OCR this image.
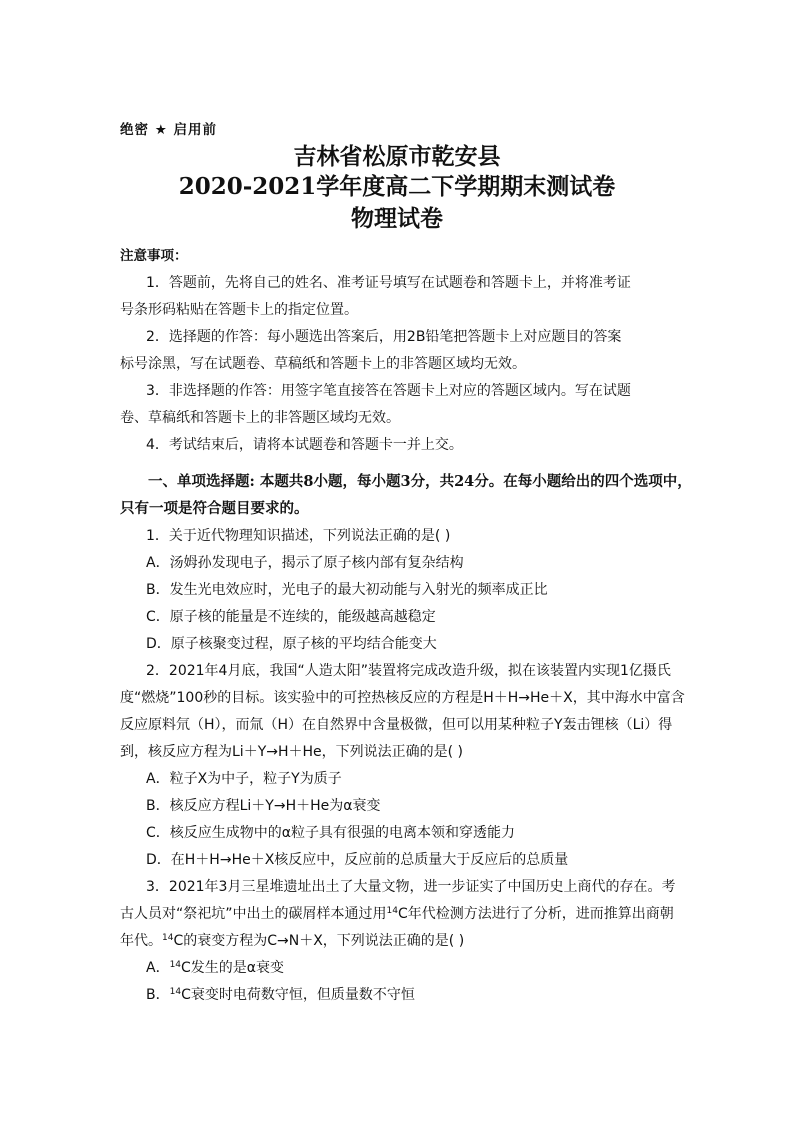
绝密 ★ 启用前
吉林省松原市乾安县
2020-2021学年度高二下学期期末测试卷
物理试卷
注意事项：
1．答题前，先将自己的姓名、准考证号填写在试题卷和答题卡上，并将准考证
号条形码粘贴在答题卡上的指定位置。
2．选择题的作答：每小题选出答案后，用2B铅笔把答题卡上对应题目的答案
标号涂黑，写在试题卷、草稿纸和答题卡上的非答题区域均无效。
3．非选择题的作答：用签字笔直接答在答题卡上对应的答题区域内。写在试题
卷、草稿纸和答题卡上的非答题区域均无效。
4．考试结束后，请将本试题卷和答题卡一并上交。
一、单项选择题: 本题共8小题，每小题3分，共24分。在每小题给出的四个选项中，
只有一项是符合题目要求的。
1．关于近代物理知识描述，下列说法正确的是( )
A．汤姆孙发现电子，揭示了原子核内部有复杂结构
B．发生光电效应时，光电子的最大初动能与入射光的频率成正比
C．原子核的能量是不连续的，能级越高越稳定
D．原子核聚变过程，原子核的平均结合能变大
2．2021年4月底，我国“人造太阳”装置将完成改造升级，拟在该装置内实现1亿摄氏
度“燃烧”100秒的目标。该实验中的可控热核反应的方程是H＋H→He＋X，其中海水中富含
反应原料氘（H），而氚（H）在自然界中含量极微，但可以用某种粒子Y轰击锂核（Li）得
到，核反应方程为Li＋Y→H＋He，下列说法正确的是( )
A．粒子X为中子，粒子Y为质子
B．核反应方程Li＋Y→H＋He为α衰变
C．核反应生成物中的α粒子具有很强的电离本领和穿透能力
D．在H＋H→He＋X核反应中，反应前的总质量大于反应后的总质量
3．2021年3月三星堆遗址出土了大量文物，进一步证实了中国历史上商代的存在。考
古人员对“祭祀坑”中出土的碳屑样本通过用$^{14}$C年代检测方法进行了分析，进而推算出商朝
年代。$^{14}$C的衰变方程为C→N＋X，下列说法正确的是( )
A．$^{14}$C发生的是α衰变
B．$^{14}$C衰变时电荷数守恒，但质量数不守恒
